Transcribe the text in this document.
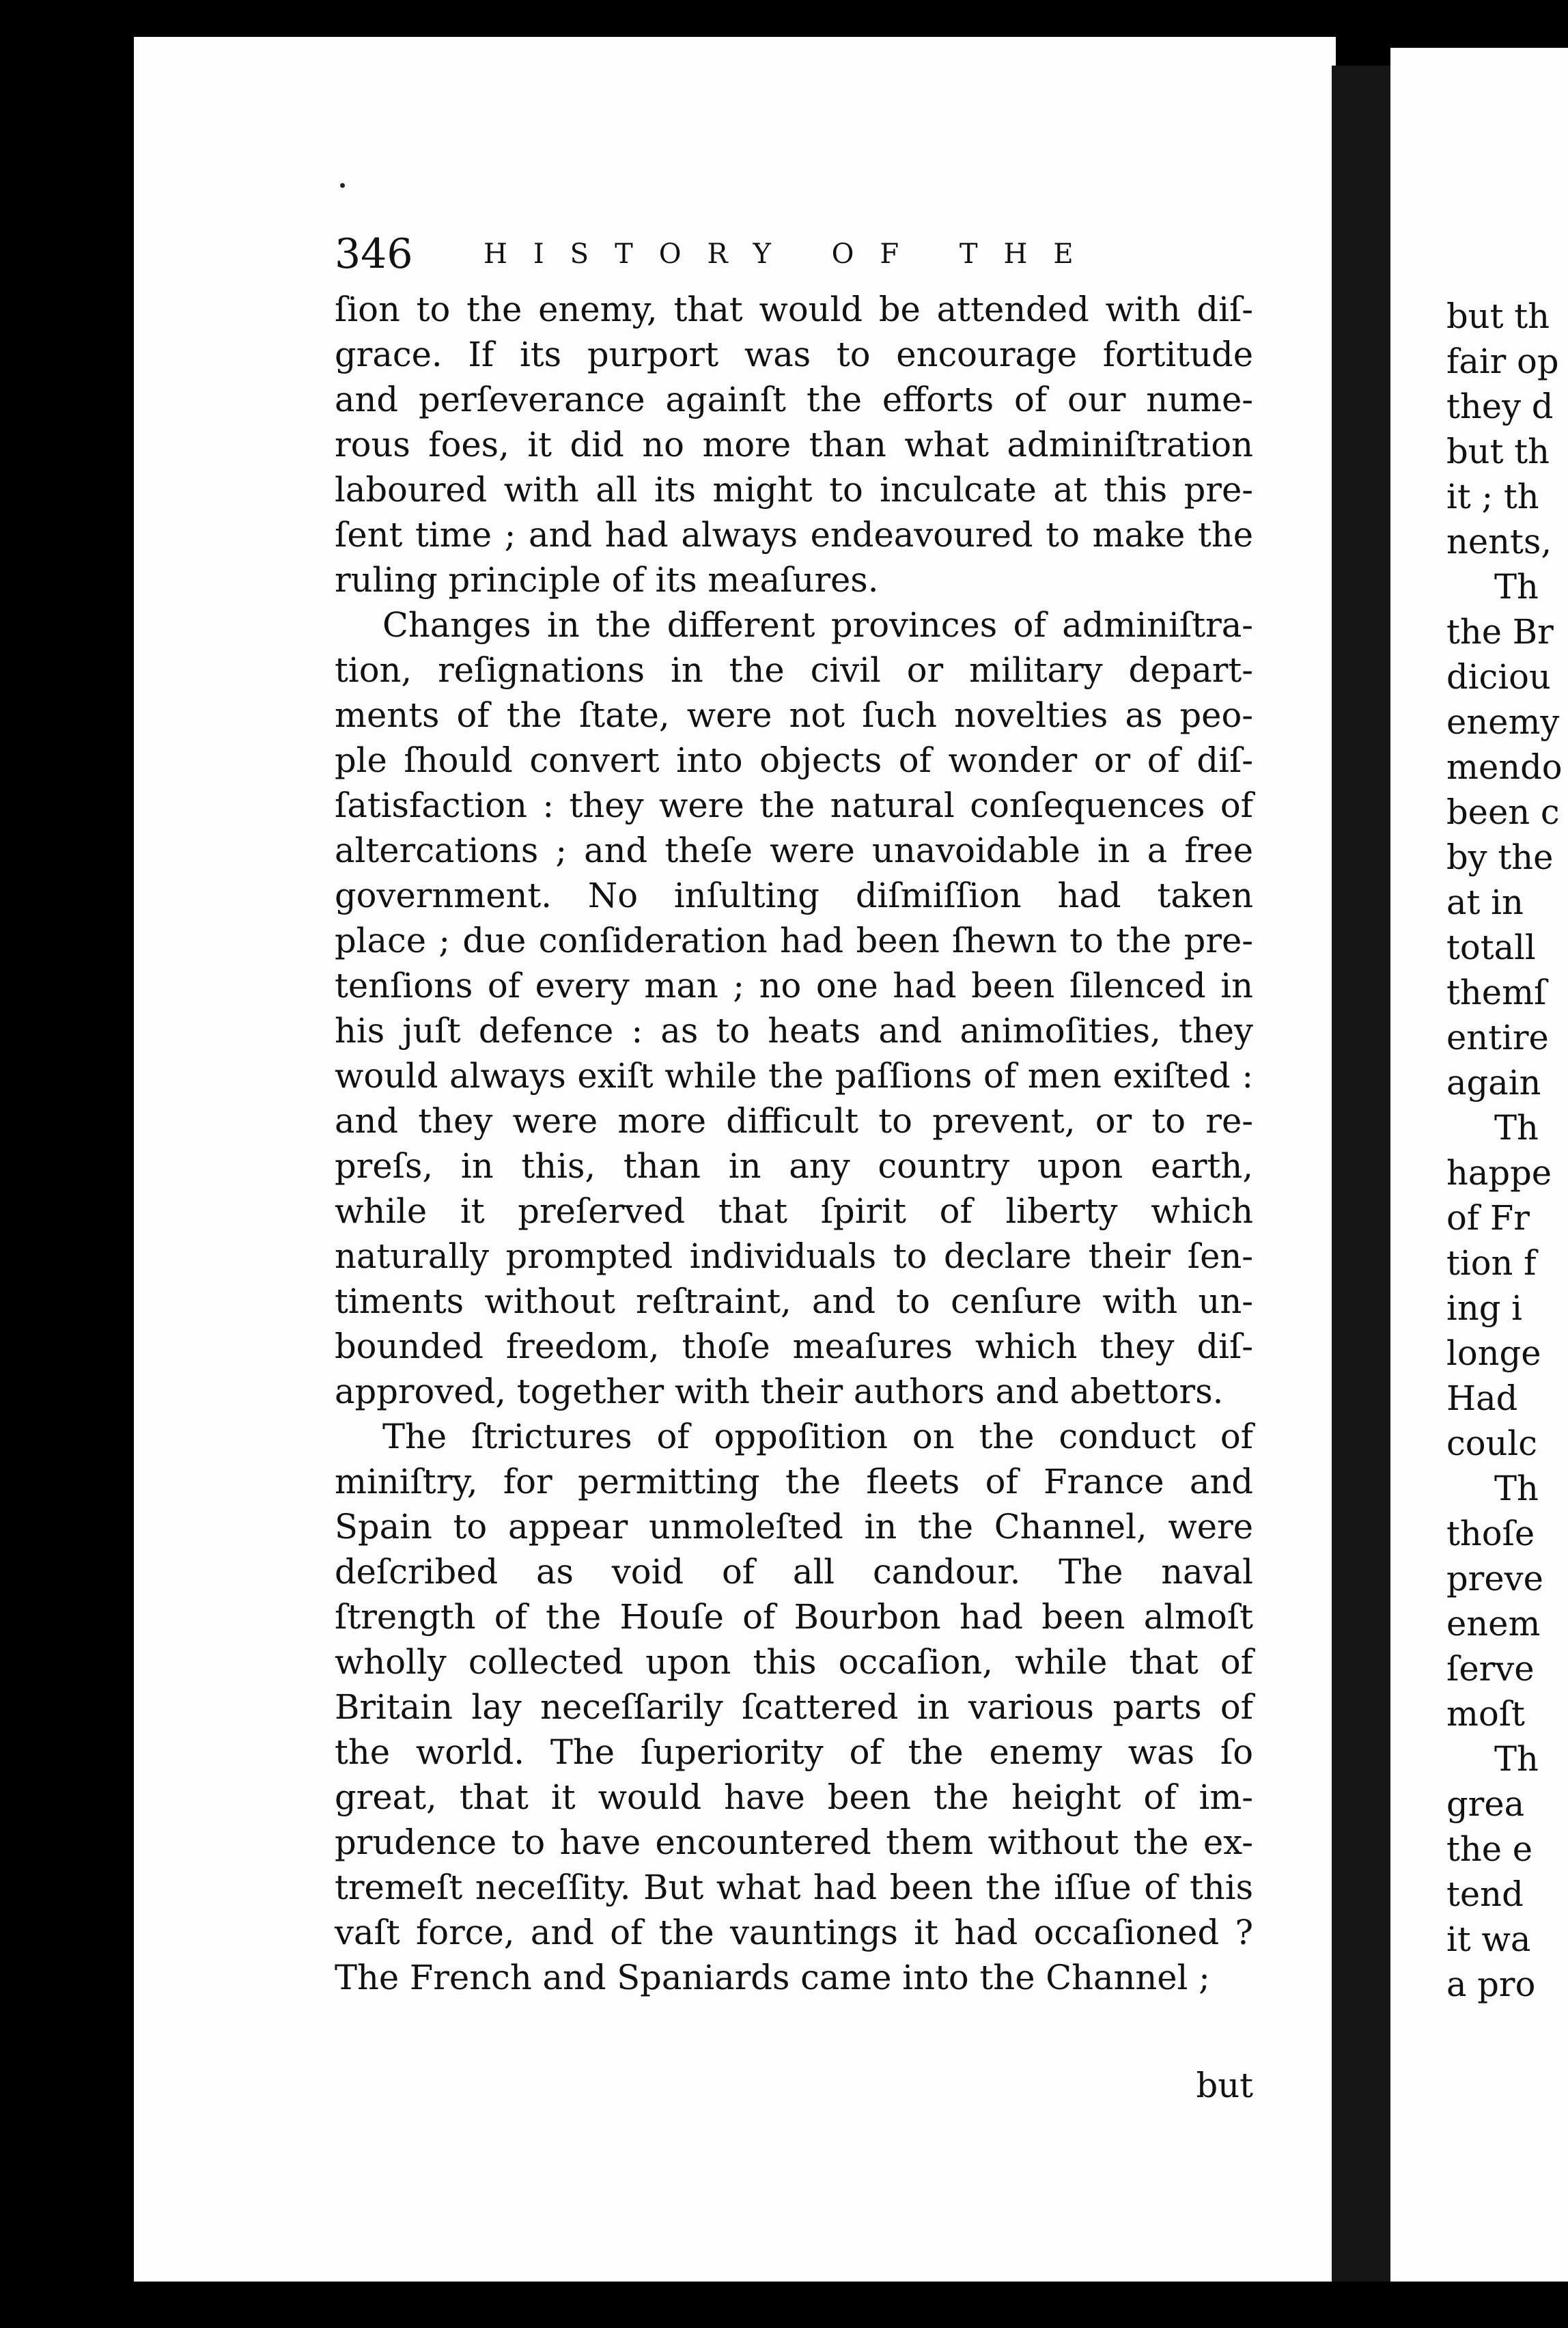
346	HISTORY OF THE
ſion to the enemy, that would be attended with diſ-
grace. If its purport was to encourage fortitude
and perſeverance againſt the efforts of our nume-
rous foes, it did no more than what adminiſtration
laboured with all its might to inculcate at this pre-
ſent time ; and had always endeavoured to make the
ruling principle of its meaſures.
Changes in the different provinces of adminiſtra-
tion, reſignations in the civil or military depart-
ments of the ſtate, were not ſuch novelties as peo-
ple ſhould convert into objects of wonder or of diſ-
ſatisfaction : they were the natural conſequences of
altercations ; and theſe were unavoidable in a free
government. No inſulting diſmiſſion had taken
place ; due conſideration had been ſhewn to the pre-
tenſions of every man ; no one had been ſilenced in
his juſt defence : as to heats and animoſities, they
would always exiſt while the paſſions of men exiſted :
and they were more difficult to prevent, or to re-
preſs, in this, than in any country upon earth,
while it preſerved that ſpirit of liberty which
naturally prompted individuals to declare their ſen-
timents without reſtraint, and to cenſure with un-
bounded freedom, thoſe meaſures which they diſ-
approved, together with their authors and abettors.
The ſtrictures of oppoſition on the conduct of
miniſtry, for permitting the fleets of France and
Spain to appear unmoleſted in the Channel, were
deſcribed as void of all candour. The naval
ſtrength of the Houſe of Bourbon had been almoſt
wholly collected upon this occaſion, while that of
Britain lay neceſſarily ſcattered in various parts of
the world. The ſuperiority of the enemy was ſo
great, that it would have been the height of im-
prudence to have encountered them without the ex-
tremeſt neceſſity. But what had been the iſſue of this
vaſt force, and of the vauntings it had occaſioned ?
The French and Spaniards came into the Channel ;
but
but th
fair op
they d
but th
it ; th
nents,
Th
the Br
diciou
enemy
mendo
been c
by the
at in
totall
themſ
entire
again
Th
happe
of Fr
tion f
ing i
longe
Had
coulc
Th
thoſe
preve
enem
ſerve
moſt
Th
grea
the e
tend
it wa
a pro
